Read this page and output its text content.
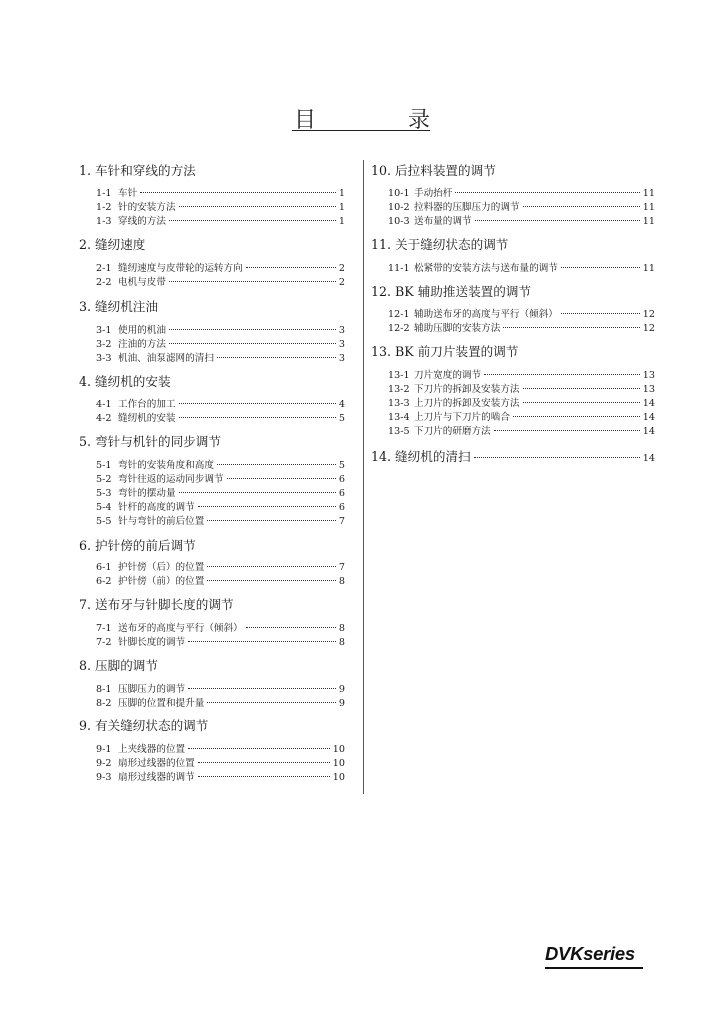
目	录
1. 车针和穿线的方法
1-1 车针	1
1-2 针的安装方法	1
1-3 穿线的方法	1
2. 缝纫速度
2-1 缝纫速度与皮带轮的运转方向	2
2-2 电机与皮带	2
3. 缝纫机注油
3-1 使用的机油	3
3-2 注油的方法	3
3-3 机油、油泵滤网的清扫	3
4. 缝纫机的安装
4-1 工作台的加工	4
4-2 缝纫机的安装	5
5. 弯针与机针的同步调节
5-1 弯针的安装角度和高度	5
5-2 弯针往返的运动同步调节	6
5-3 弯针的摆动量	6
5-4 针杆的高度的调节	6
5-5 针与弯针的前后位置	7
6. 护针傍的前后调节
6-1 护针傍（后）的位置	7
6-2 护针傍（前）的位置	8
7. 送布牙与针脚长度的调节
7-1 送布牙的高度与平行（倾斜）	8
7-2 针脚长度的调节	8
8. 压脚的调节
8-1 压脚压力的调节	9
8-2 压脚的位置和提升量	9
9. 有关缝纫状态的调节
9-1 上夹线器的位置	10
9-2 扇形过线器的位置	10
9-3 扇形过线器的调节	10
10. 后拉料装置的调节
10-1 手动抬杆	11
10-2 拉料器的压脚压力的调节	11
10-3 送布量的调节	11
11. 关于缝纫状态的调节
11-1 松紧带的安装方法与送布量的调节	11
12. BK 辅助推送装置的调节
12-1 辅助送布牙的高度与平行（倾斜）	12
12-2 辅助压脚的安装方法	12
13. BK 前刀片装置的调节
13-1 刀片宽度的调节	13
13-2 下刀片的拆卸及安装方法	13
13-3 上刀片的拆卸及安装方法	14
13-4 上刀片与下刀片的啮合	14
13-5 下刀片的研磨方法	14
14. 缝纫机的清扫	14
DVKseries
